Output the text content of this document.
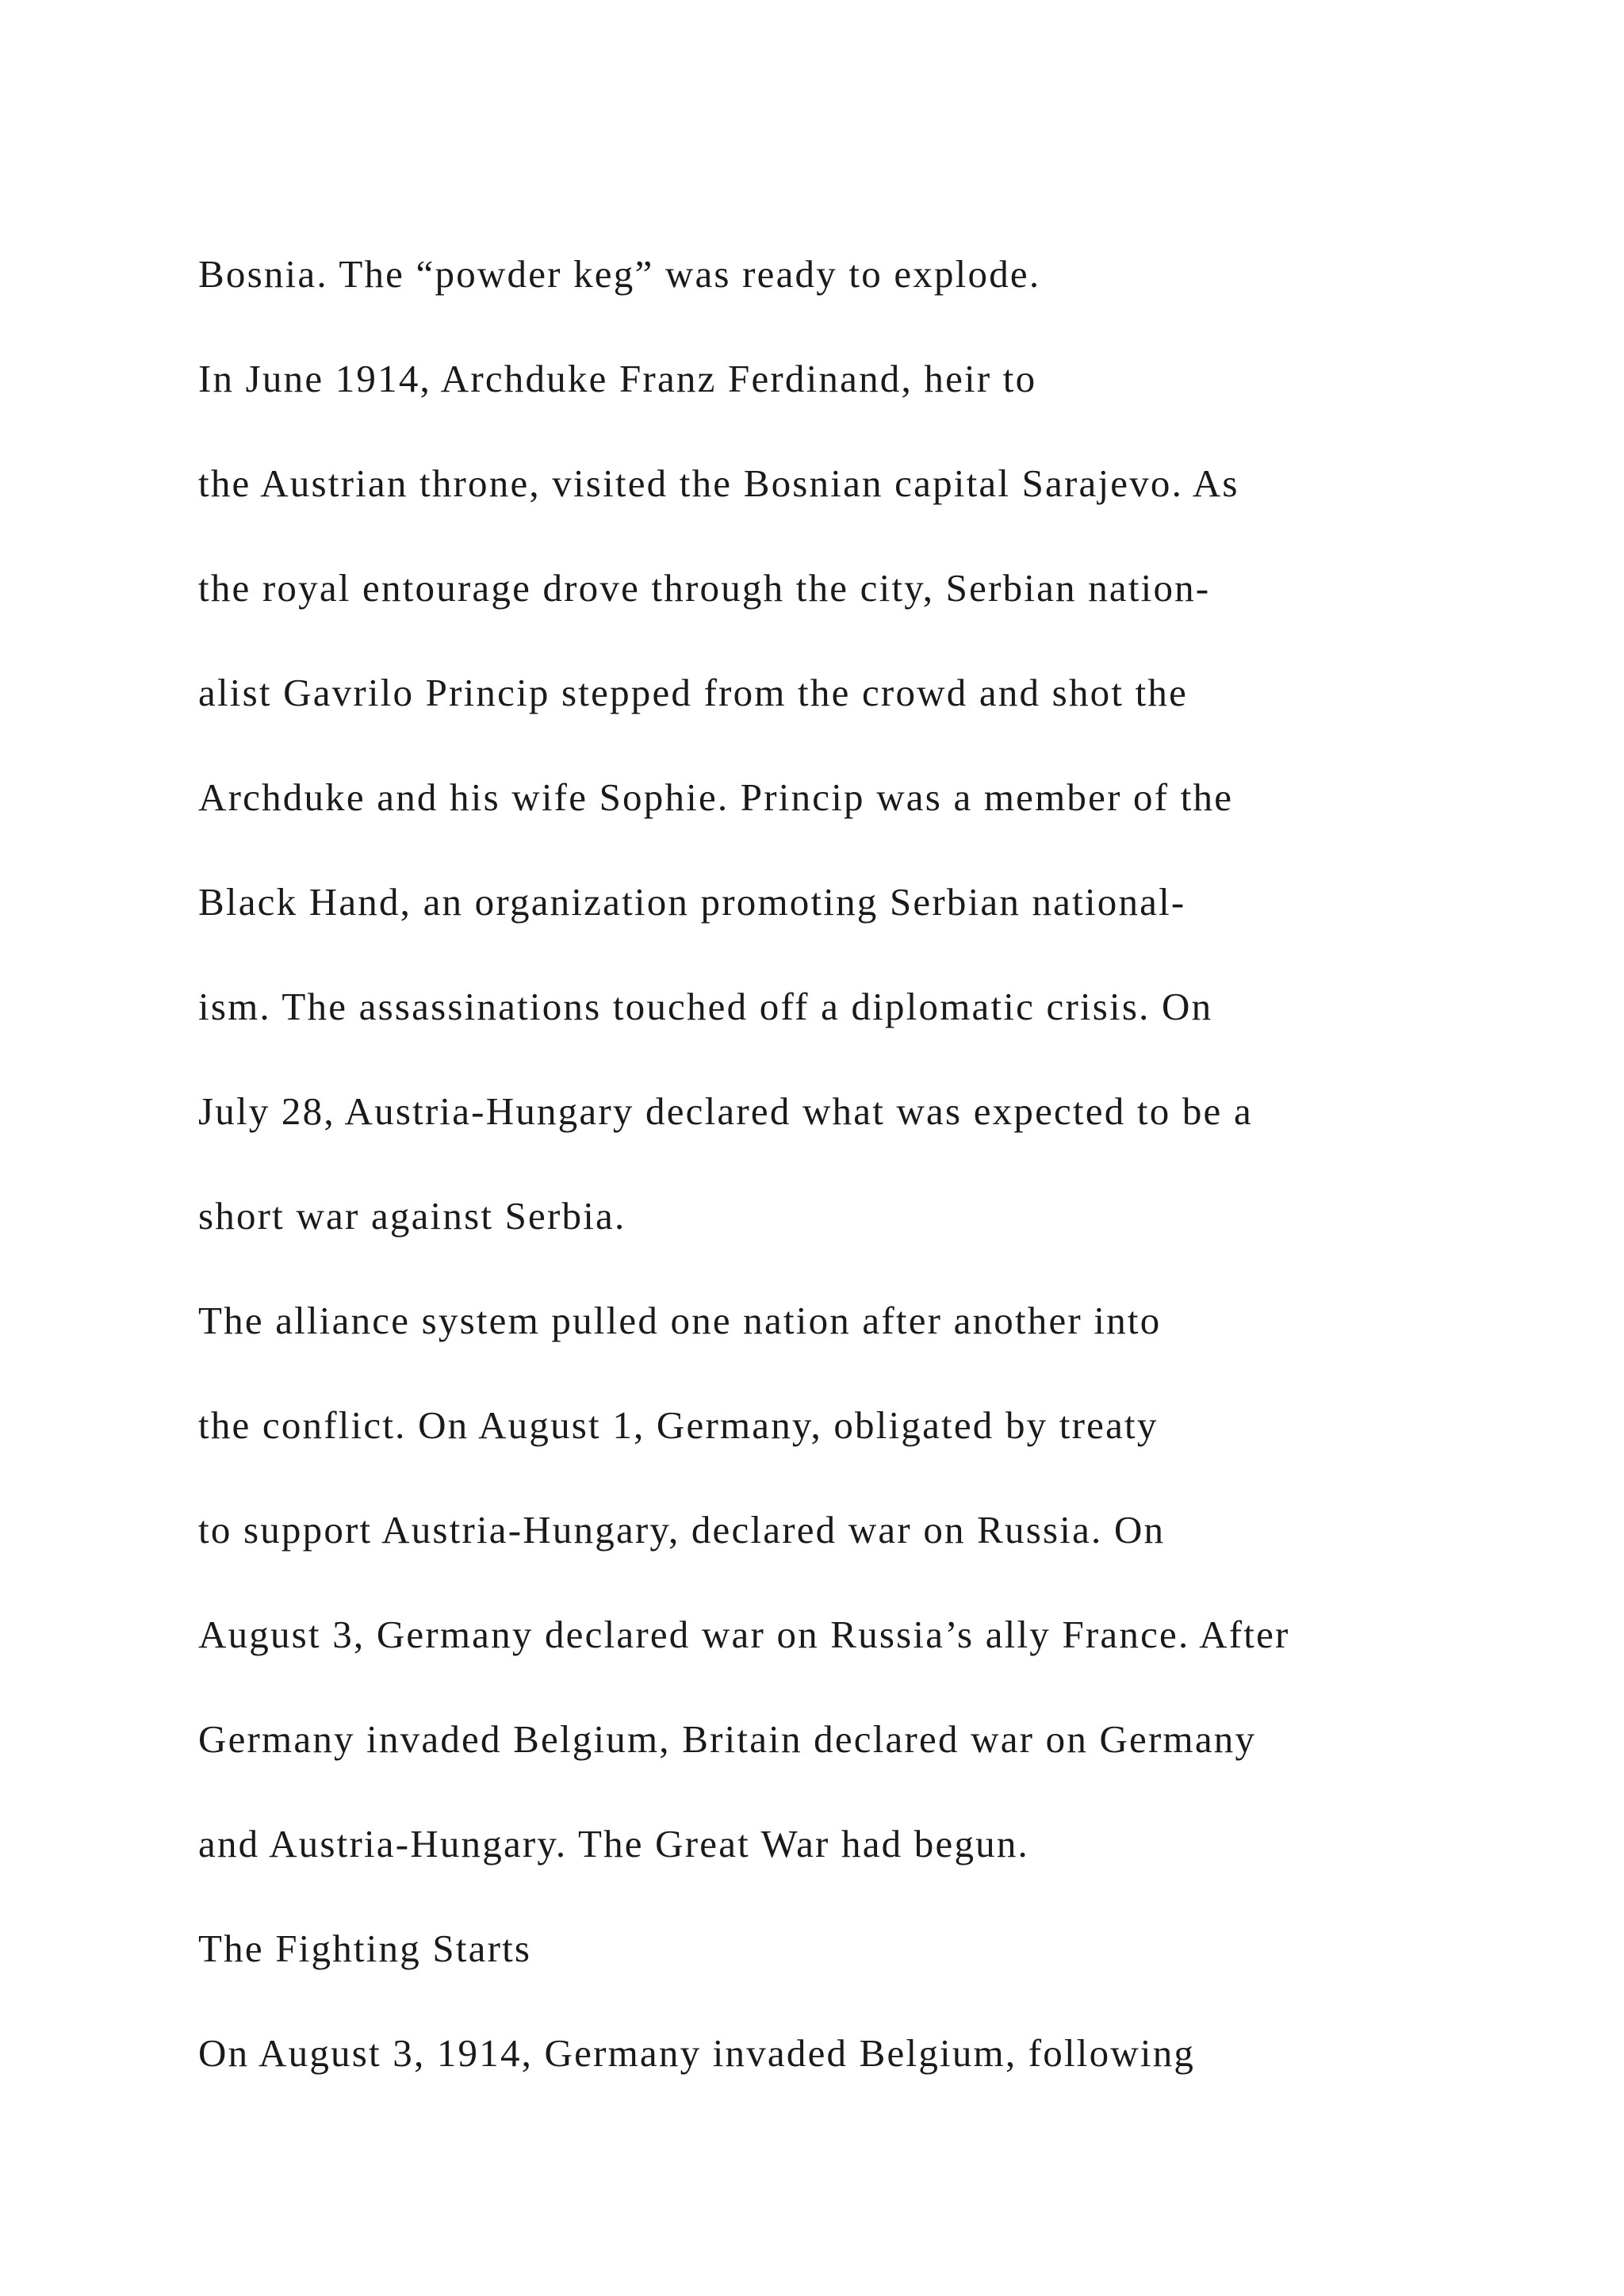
Bosnia. The “powder keg” was ready to explode.
In June 1914, Archduke Franz Ferdinand, heir to
the Austrian throne, visited the Bosnian capital Sarajevo. As
the royal entourage drove through the city, Serbian nation-
alist Gavrilo Princip stepped from the crowd and shot the
Archduke and his wife Sophie. Princip was a member of the
Black Hand, an organization promoting Serbian national-
ism. The assassinations touched off a diplomatic crisis. On
July 28, Austria-Hungary declared what was expected to be a
short war against Serbia.
The alliance system pulled one nation after another into
the conflict. On August 1, Germany, obligated by treaty
to support Austria-Hungary, declared war on Russia. On
August 3, Germany declared war on Russia’s ally France. After
Germany invaded Belgium, Britain declared war on Germany
and Austria-Hungary. The Great War had begun.
The Fighting Starts
On August 3, 1914, Germany invaded Belgium, following
